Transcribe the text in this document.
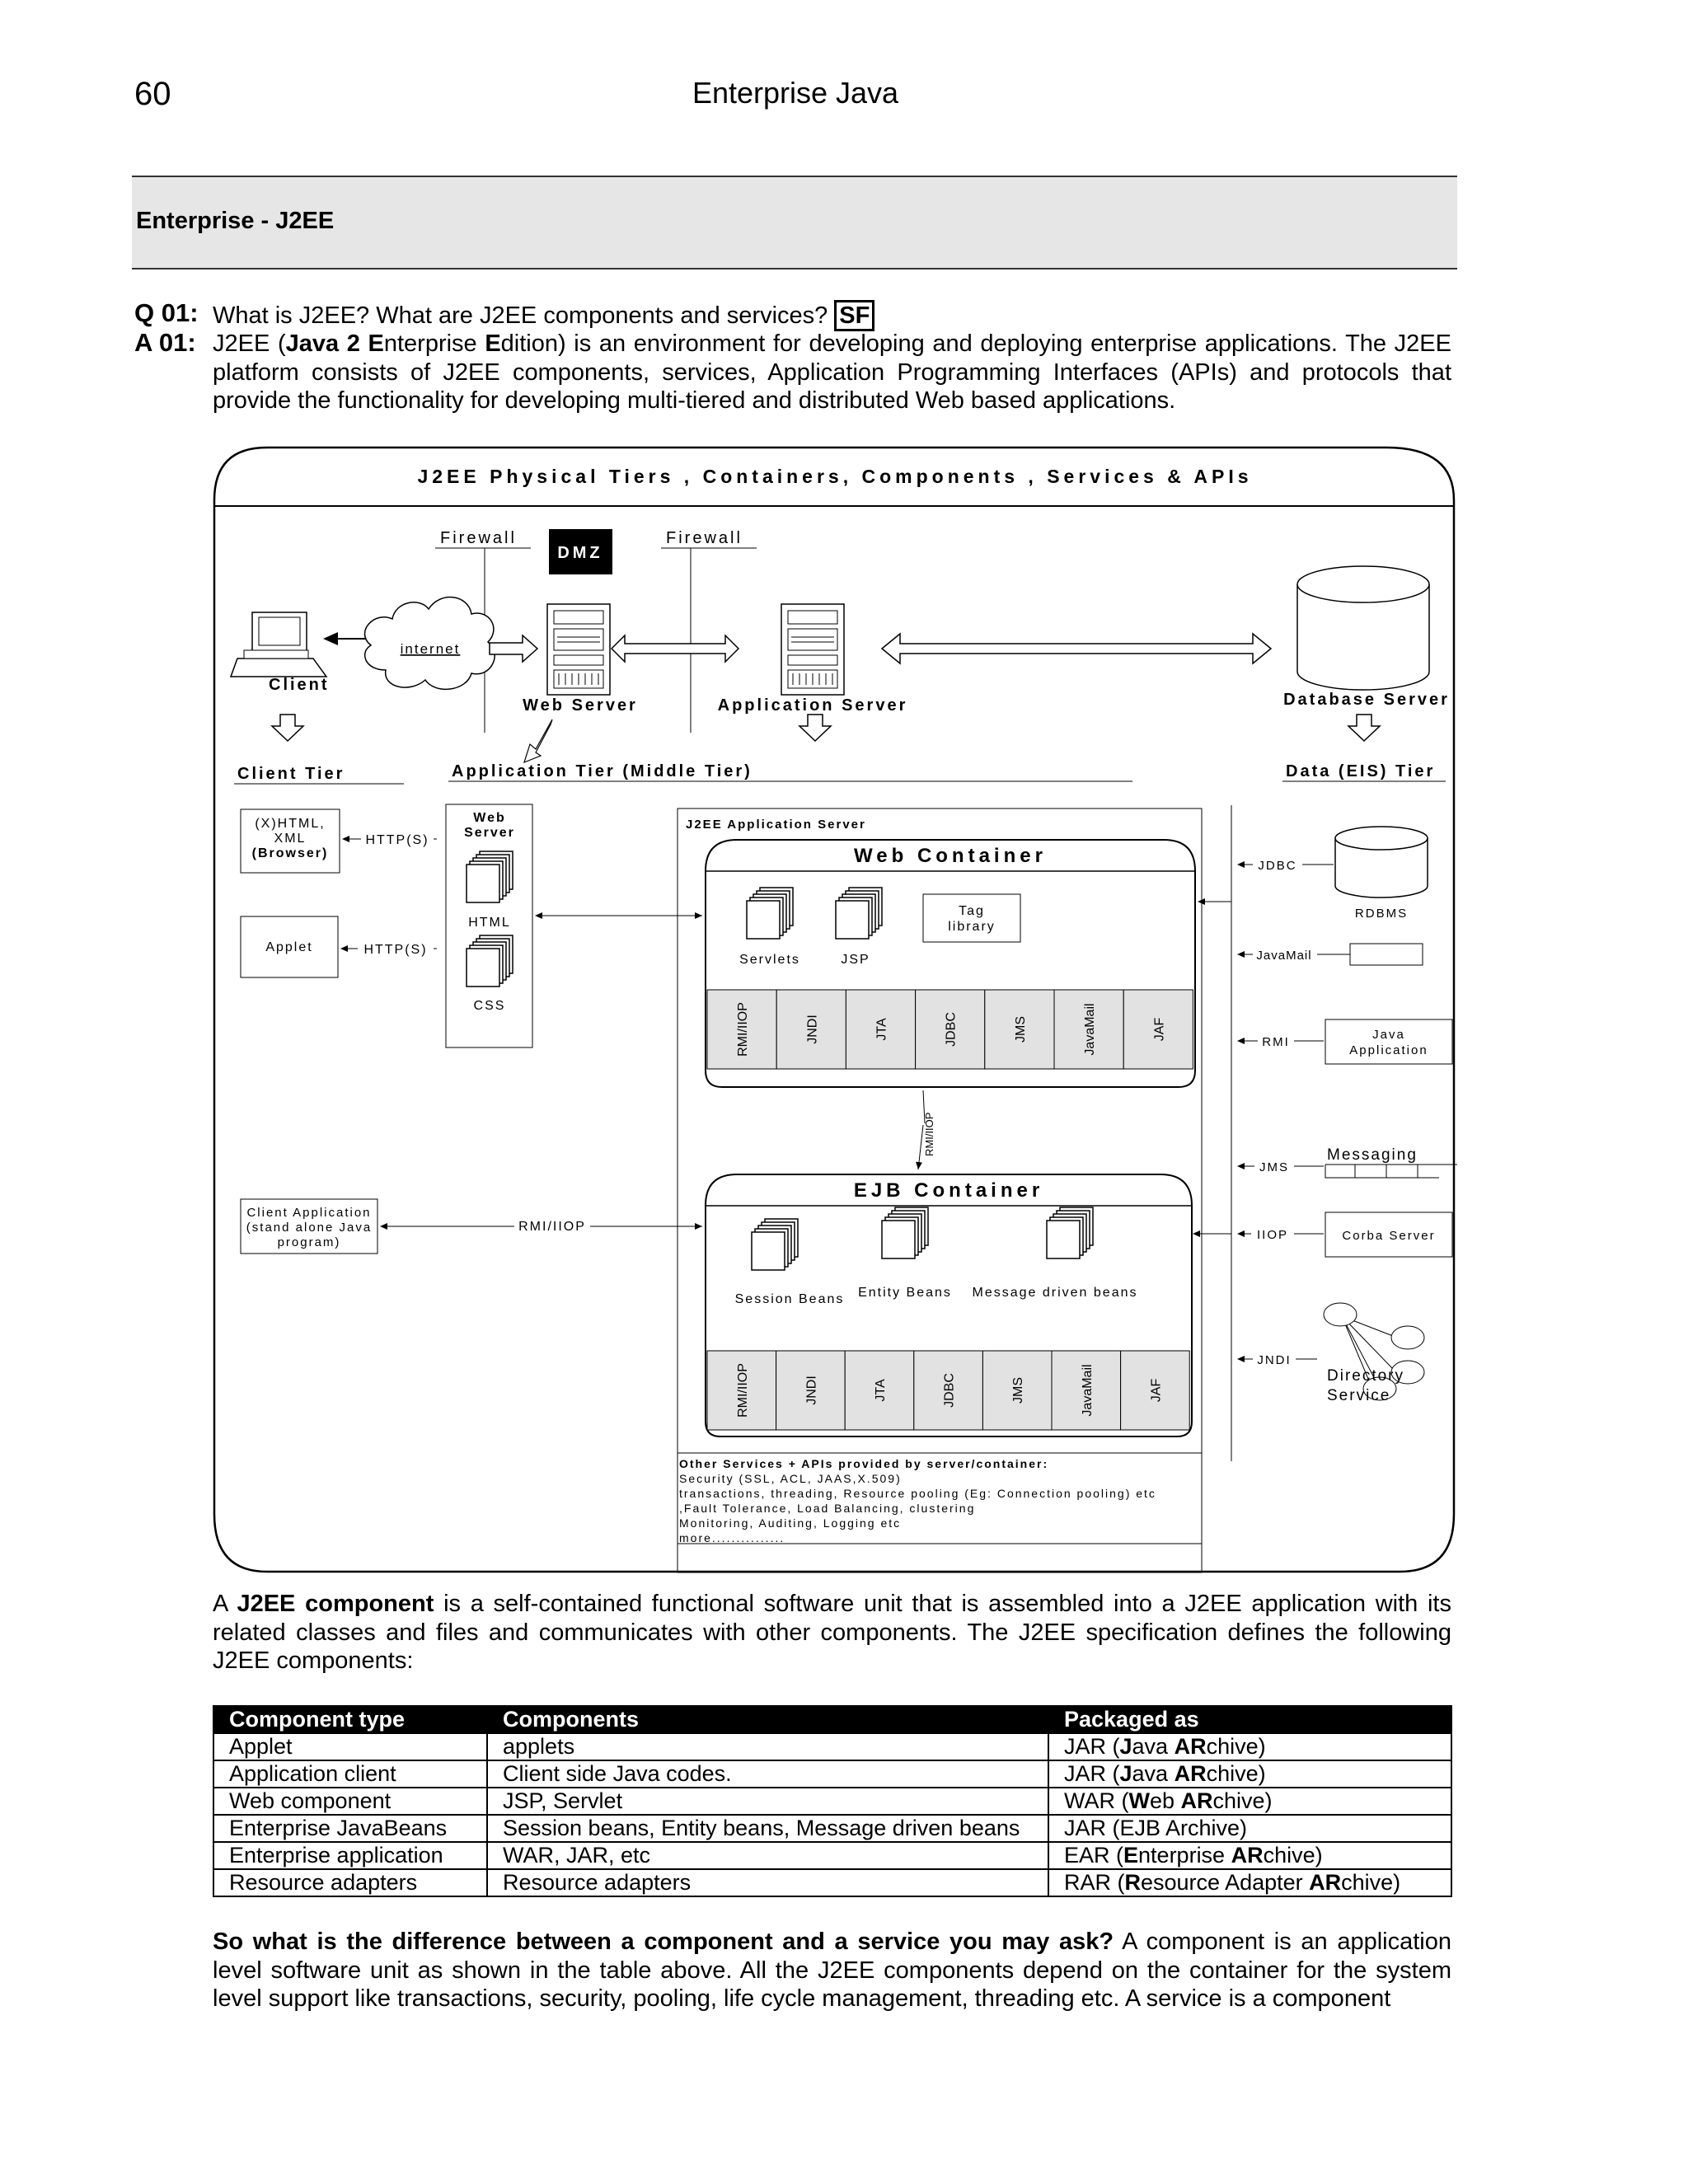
60	Enterprise Java
Enterprise - J2EE
Q 01: What is J2EE? What are J2EE components and services? SF
A 01: J2EE (Java 2 Enterprise Edition) is an environment for developing and deploying enterprise applications. The J2EE platform consists of J2EE components, services, Application Programming Interfaces (APIs) and protocols that provide the functionality for developing multi-tiered and distributed Web based applications.
J2EE Physical Tiers , Containers, Components , Services & APIs
Firewall
DMZ
Firewall
Client
internet
Web Server	Application Server	Database Server
Client Tier	Application Tier (Middle Tier)	Data (EIS) Tier
(X)HTML,
XML
(Browser)
HTTP(S)
Applet	HTTP(S)
Web
Server
HTML
CSS
J2EE Application Server
Web Container
Servlets	JSP
Tag
library
RMI/IIOP	JNDI	JTA	JDBC	JMS	JavaMail	JAF
RMI/IIOP
EJB Container
Session Beans Entity Beans Message driven beans
RMI/IIOP	JNDI	JTA	JDBC	JMS	JavaMail	JAF
Client Application
(stand alone Java
program)
RMI/IIOP
Other Services + APIs provided by server/container:
Security (SSL, ACL, JAAS,X.509)
transactions, threading, Resource pooling (Eg: Connection pooling) etc
,Fault Tolerance, Load Balancing, clustering
Monitoring, Auditing, Logging etc
more...............
JDBC
RDBMS
JavaMail
RMI
Java
Application
JMS
Messaging
IIOP	Corba Server
JNDI
Directory
Service
A J2EE component is a self-contained functional software unit that is assembled into a J2EE application with its related classes and files and communicates with other components. The J2EE specification defines the following J2EE components:
Component type	Components	Packaged as
Applet	applets	JAR (Java ARchive)
Application client	Client side Java codes.	JAR (Java ARchive)
Web component	JSP, Servlet	WAR (Web ARchive)
Enterprise JavaBeans	Session beans, Entity beans, Message driven beans	JAR (EJB Archive)
Enterprise application	WAR, JAR, etc	EAR (Enterprise ARchive)
Resource adapters	Resource adapters	RAR (Resource Adapter ARchive)
So what is the difference between a component and a service you may ask? A component is an application level software unit as shown in the table above. All the J2EE components depend on the container for the system level support like transactions, security, pooling, life cycle management, threading etc. A service is a component
